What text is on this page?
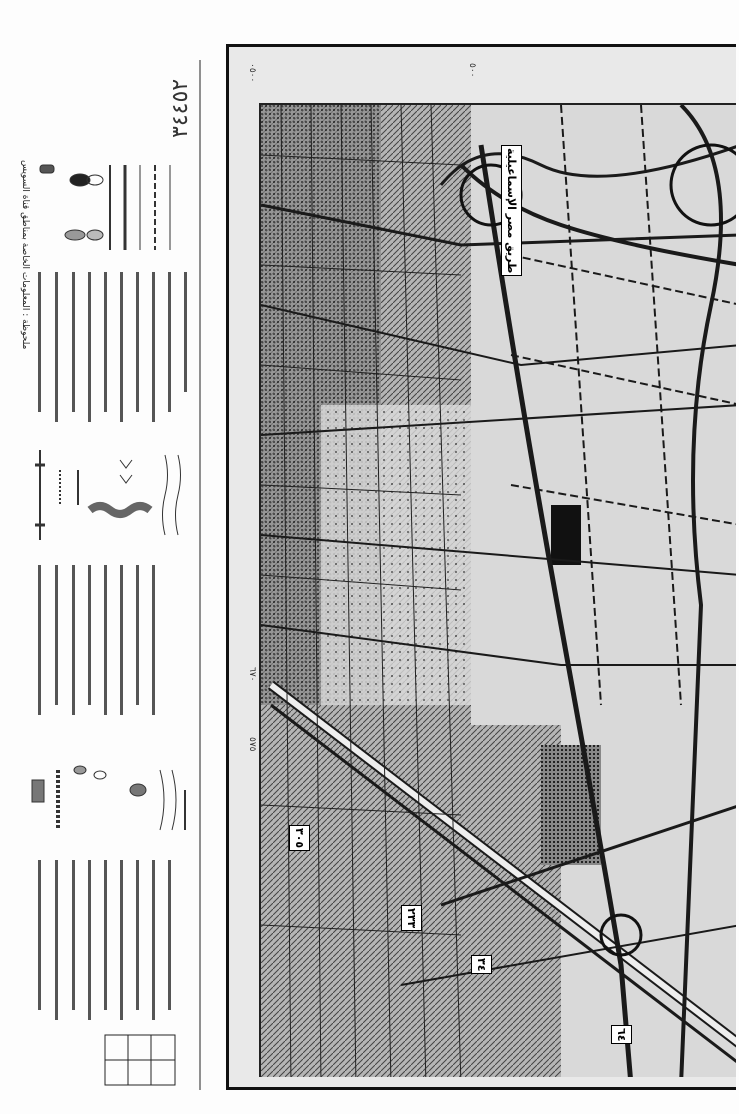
٣٤٤٥٢
ملحوظة : المعلومات الخاصة بمناطق قناة السويس
٠٥٠٠
٦٧٠
٥٧٥
٥٠٠
طريق مصر الإسماعيلية
٣٠٥
٢٣٣
٣٤
٦٤
